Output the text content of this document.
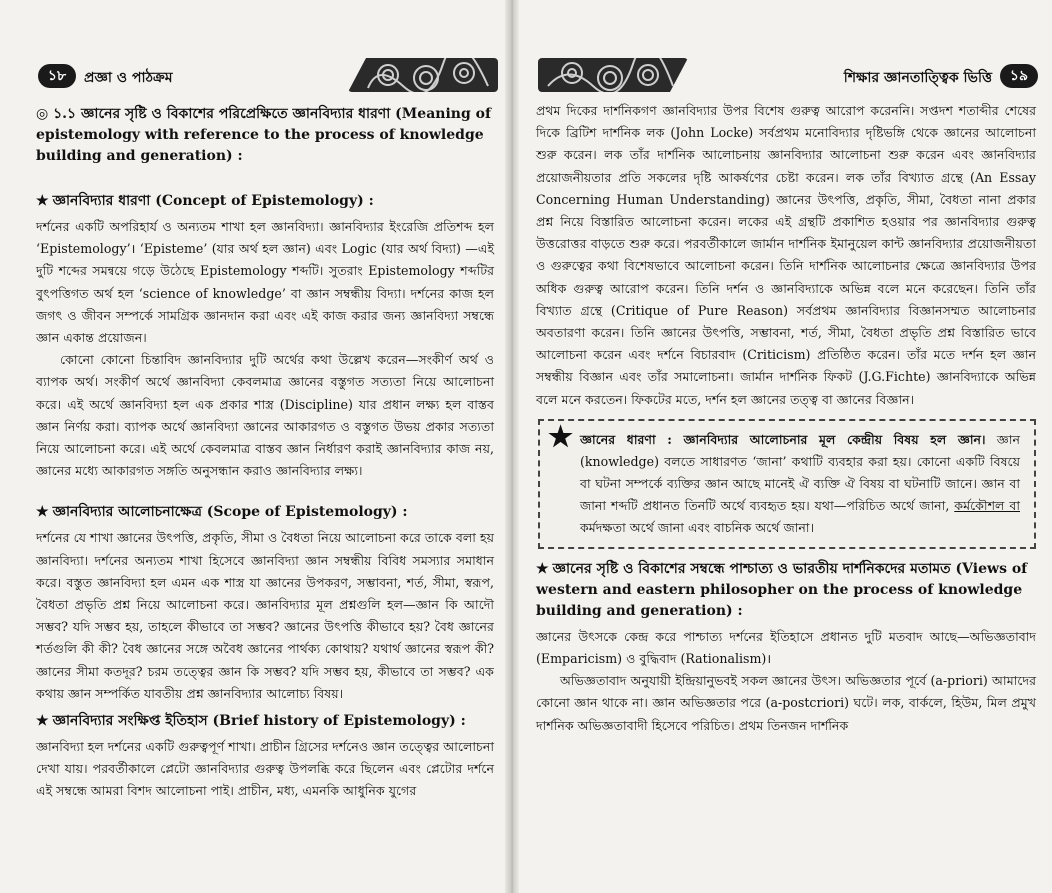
১৮	প্রজ্ঞা ও পাঠক্রম
◎ ১.১ জ্ঞানের সৃষ্টি ও বিকাশের পরিপ্রেক্ষিতে জ্ঞানবিদ্যার ধারণা (Meaning of epistemology with reference to the process of knowledge building and generation) :
★ জ্ঞানবিদ্যার ধারণা (Concept of Epistemology) :

দর্শনের একটি অপরিহার্য ও অন্যতম শাখা হল জ্ঞানবিদ্যা। জ্ঞানবিদ্যার ইংরেজি প্রতিশব্দ হল ‘Epistemology’। ‘Episteme’ (যার অর্থ হল জ্ঞান) এবং Logic (যার অর্থ বিদ্যা) —এই দুটি শব্দের সমন্বয়ে গড়ে উঠেছে Epistemology শব্দটি। সুতরাং Epistemology শব্দটির বুৎপত্তিগত অর্থ হল ‘science of knowledge’ বা জ্ঞান সম্বন্ধীয় বিদ্যা। দর্শনের কাজ হল জগৎ ও জীবন সম্পর্কে সামগ্রিক জ্ঞানদান করা এবং এই কাজ করার জন্য জ্ঞানবিদ্যা সম্বন্ধে জ্ঞান একান্ত প্রয়োজন।

কোনো কোনো চিন্তাবিদ জ্ঞানবিদ্যার দুটি অর্থের কথা উল্লেখ করেন—সংকীর্ণ অর্থ ও ব্যাপক অর্থ। সংকীর্ণ অর্থে জ্ঞানবিদ্যা কেবলমাত্র জ্ঞানের বস্তুগত সত্যতা নিয়ে আলোচনা করে। এই অর্থে জ্ঞানবিদ্যা হল এক প্রকার শাস্ত্র (Discipline) যার প্রধান লক্ষ্য হল বাস্তব জ্ঞান নির্ণয় করা। ব্যাপক অর্থে জ্ঞানবিদ্যা জ্ঞানের আকারগত ও বস্তুগত উভয় প্রকার সত্যতা নিয়ে আলোচনা করে। এই অর্থে কেবলমাত্র বাস্তব জ্ঞান নির্ধারণ করাই জ্ঞানবিদ্যার কাজ নয়, জ্ঞানের মধ্যে আকারগত সঙ্গতি অনুসন্ধান করাও জ্ঞানবিদ্যার লক্ষ্য।

★ জ্ঞানবিদ্যার আলোচনাক্ষেত্র (Scope of Epistemology) :

দর্শনের যে শাখা জ্ঞানের উৎপত্তি, প্রকৃতি, সীমা ও বৈধতা নিয়ে আলোচনা করে তাকে বলা হয় জ্ঞানবিদ্যা। দর্শনের অন্যতম শাখা হিসেবে জ্ঞানবিদ্যা জ্ঞান সম্বন্ধীয় বিবিধ সমস্যার সমাধান করে। বস্তুত জ্ঞানবিদ্যা হল এমন এক শাস্ত্র যা জ্ঞানের উপকরণ, সম্ভাবনা, শর্ত, সীমা, স্বরূপ, বৈধতা প্রভৃতি প্রশ্ন নিয়ে আলোচনা করে। জ্ঞানবিদ্যার মূল প্রশ্নগুলি হল—জ্ঞান কি আদৌ সম্ভব? যদি সম্ভব হয়, তাহলে কীভাবে তা সম্ভব? জ্ঞানের উৎপত্তি কীভাবে হয়? বৈধ জ্ঞানের শর্তগুলি কী কী? বৈধ জ্ঞানের সঙ্গে অবৈধ জ্ঞানের পার্থক্য কোথায়? যথার্থ জ্ঞানের স্বরূপ কী? জ্ঞানের সীমা কতদূর? চরম তত্ত্বের জ্ঞান কি সম্ভব? যদি সম্ভব হয়, কীভাবে তা সম্ভব? এক কথায় জ্ঞান সম্পর্কিত যাবতীয় প্রশ্ন জ্ঞানবিদ্যার আলোচ্য বিষয়।

★ জ্ঞানবিদ্যার সংক্ষিপ্ত ইতিহাস (Brief history of Epistemology) :

জ্ঞানবিদ্যা হল দর্শনের একটি গুরুত্বপূর্ণ শাখা। প্রাচীন গ্রিসের দর্শনেও জ্ঞান তত্ত্বের আলোচনা দেখা যায়। পরবর্তীকালে প্লেটো জ্ঞানবিদ্যার গুরুত্ব উপলব্ধি করে ছিলেন এবং প্লেটোর দর্শনে এই সম্বন্ধে আমরা বিশদ আলোচনা পাই। প্রাচীন, মধ্য, এমনকি আধুনিক যুগের

শিক্ষার জ্ঞানতাত্ত্বিক ভিত্তি	১৯

প্রথম দিকের দার্শনিকগণ জ্ঞানবিদ্যার উপর বিশেষ গুরুত্ব আরোপ করেননি। সপ্তদশ শতাব্দীর শেষের দিকে ব্রিটিশ দার্শনিক লক (John Locke) সর্বপ্রথম মনোবিদ্যার দৃষ্টিভঙ্গি থেকে জ্ঞানের আলোচনা শুরু করেন। লক তাঁর দার্শনিক আলোচনায় জ্ঞানবিদ্যার আলোচনা শুরু করেন এবং জ্ঞানবিদ্যার প্রয়োজনীয়তার প্রতি সকলের দৃষ্টি আকর্ষণের চেষ্টা করেন। লক তাঁর বিখ্যাত গ্রন্থে (An Essay Concerning Human Understanding) জ্ঞানের উৎপত্তি, প্রকৃতি, সীমা, বৈধতা নানা প্রকার প্রশ্ন নিয়ে বিস্তারিত আলোচনা করেন। লকের এই গ্রন্থটি প্রকাশিত হওয়ার পর জ্ঞানবিদ্যার গুরুত্ব উত্তরোত্তর বাড়তে শুরু করে। পরবর্তীকালে জার্মান দার্শনিক ইমানুয়েল কান্ট জ্ঞানবিদ্যার প্রয়োজনীয়তা ও গুরুত্বের কথা বিশেষভাবে আলোচনা করেন। তিনি দার্শনিক আলোচনার ক্ষেত্রে জ্ঞানবিদ্যার উপর অধিক গুরুত্ব আরোপ করেন। তিনি দর্শন ও জ্ঞানবিদ্যাকে অভিন্ন বলে মনে করেছেন। তিনি তাঁর বিখ্যাত গ্রন্থে (Critique of Pure Reason) সর্বপ্রথম জ্ঞানবিদ্যার বিজ্ঞানসম্মত আলোচনার অবতারণা করেন। তিনি জ্ঞানের উৎপত্তি, সম্ভাবনা, শর্ত, সীমা, বৈধতা প্রভৃতি প্রশ্ন বিস্তারিত ভাবে আলোচনা করেন এবং দর্শনে বিচারবাদ (Criticism) প্রতিষ্ঠিত করেন। তাঁর মতে দর্শন হল জ্ঞান সম্বন্ধীয় বিজ্ঞান এবং তাঁর সমালোচনা। জার্মান দার্শনিক ফিকট (J.G.Fichte) জ্ঞানবিদ্যাকে অভিন্ন বলে মনে করতেন। ফিকটের মতে, দর্শন হল জ্ঞানের তত্ত্ব বা জ্ঞানের বিজ্ঞান।

★ জ্ঞানের ধারণা : জ্ঞানবিদ্যার আলোচনার মূল কেন্দ্রীয় বিষয় হল জ্ঞান। জ্ঞান (knowledge) বলতে সাধারণত ‘জানা’ কথাটি ব্যবহার করা হয়। কোনো একটি বিষয়ে বা ঘটনা সম্পর্কে ব্যক্তির জ্ঞান আছে মানেই ঐ ব্যক্তি ঐ বিষয় বা ঘটনাটি জানে। জ্ঞান বা জানা শব্দটি প্রধানত তিনটি অর্থে ব্যবহৃত হয়। যথা—পরিচিত অর্থে জানা, কর্মকৌশল বা কর্মদক্ষতা অর্থে জানা এবং বাচনিক অর্থে জানা।
★ জ্ঞানের সৃষ্টি ও বিকাশের সম্বন্ধে পাশ্চাত্য ও ভারতীয় দার্শনিকদের মতামত (Views of western and eastern philosopher on the process of knowledge building and generation) :

জ্ঞানের উৎসকে কেন্দ্র করে পাশ্চাত্য দর্শনের ইতিহাসে প্রধানত দুটি মতবাদ আছে—অভিজ্ঞতাবাদ (Emparicism) ও বুদ্ধিবাদ (Rationalism)।

অভিজ্ঞতাবাদ অনুযায়ী ইন্দ্রিয়ানুভবই সকল জ্ঞানের উৎস। অভিজ্ঞতার পূর্বে (a-priori) আমাদের কোনো জ্ঞান থাকে না। জ্ঞান অভিজ্ঞতার পরে (a-postcriori) ঘটে। লক, বার্কলে, হিউম, মিল প্রমুখ দার্শনিক অভিজ্ঞতাবাদী হিসেবে পরিচিত। প্রথম তিনজন দার্শনিক
